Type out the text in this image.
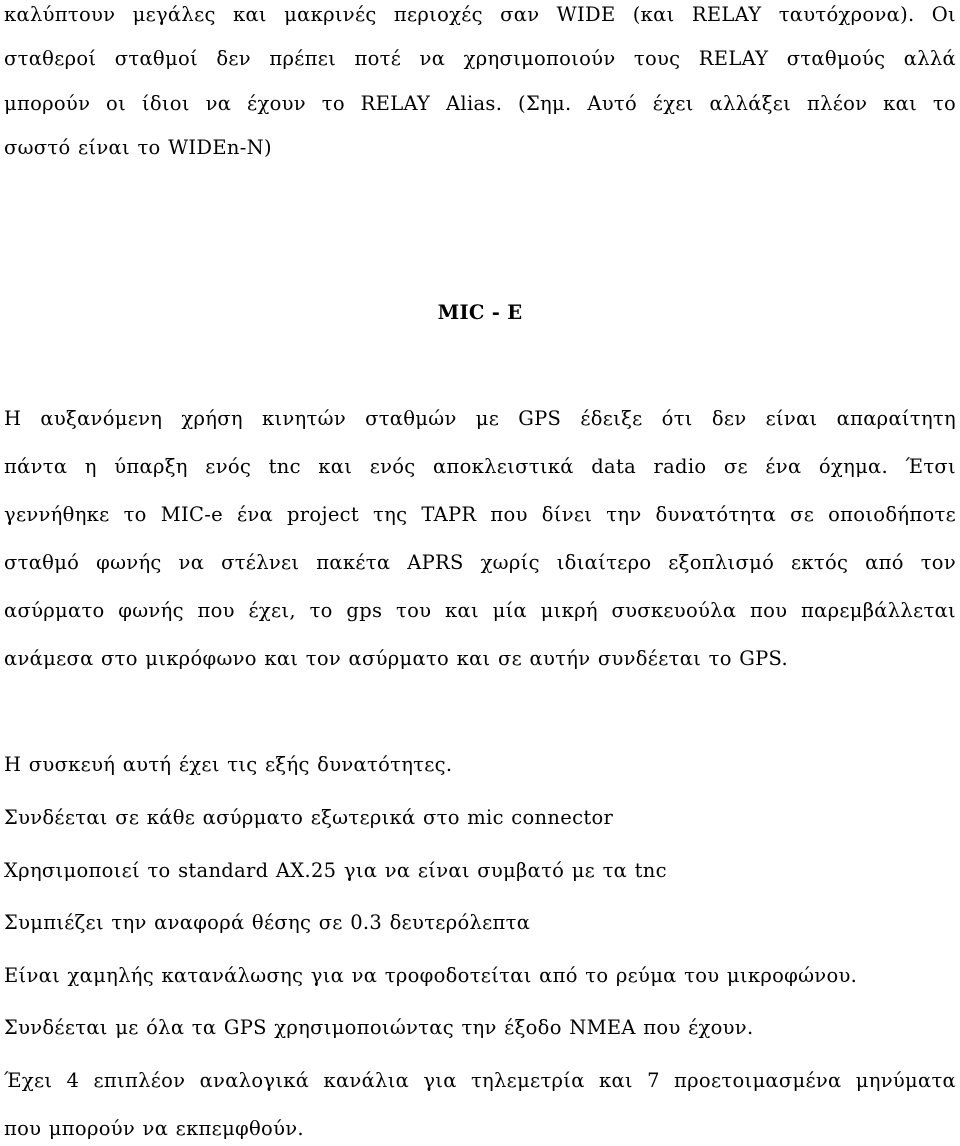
καλύπτουν μεγάλες και μακρινές περιοχές σαν WIDE (και RELAY ταυτόχρονα). Οι
σταθεροί σταθμοί δεν πρέπει ποτέ να χρησιμοποιούν τους RELAY σταθμούς αλλά
μπορούν οι ίδιοι να έχουν το RELAY Alias. (Σημ. Αυτό έχει αλλάξει πλέον και το
σωστό είναι το WIDEn-N)
MIC - E
Η αυξανόμενη χρήση κινητών σταθμών με GPS έδειξε ότι δεν είναι απαραίτητη
πάντα η ύπαρξη ενός tnc και ενός αποκλειστικά data radio σε ένα όχημα. Έτσι
γεννήθηκε το MIC-e ένα project της TAPR που δίνει την δυνατότητα σε οποιοδήποτε
σταθμό φωνής να στέλνει πακέτα APRS χωρίς ιδιαίτερο εξοπλισμό εκτός από τον
ασύρματο φωνής που έχει, το gps του και μία μικρή συσκευούλα που παρεμβάλλεται
ανάμεσα στο μικρόφωνο και τον ασύρματο και σε αυτήν συνδέεται το GPS.
Η συσκευή αυτή έχει τις εξής δυνατότητες.
Συνδέεται σε κάθε ασύρματο εξωτερικά στο mic connector
Χρησιμοποιεί το standard AX.25 για να είναι συμβατό με τα tnc
Συμπιέζει την αναφορά θέσης σε 0.3 δευτερόλεπτα
Είναι χαμηλής κατανάλωσης για να τροφοδοτείται από το ρεύμα του μικροφώνου.
Συνδέεται με όλα τα GPS χρησιμοποιώντας την έξοδο NMEA που έχουν.
Έχει 4 επιπλέον αναλογικά κανάλια για τηλεμετρία και 7 προετοιμασμένα μηνύματα
που μπορούν να εκπεμφθούν.
